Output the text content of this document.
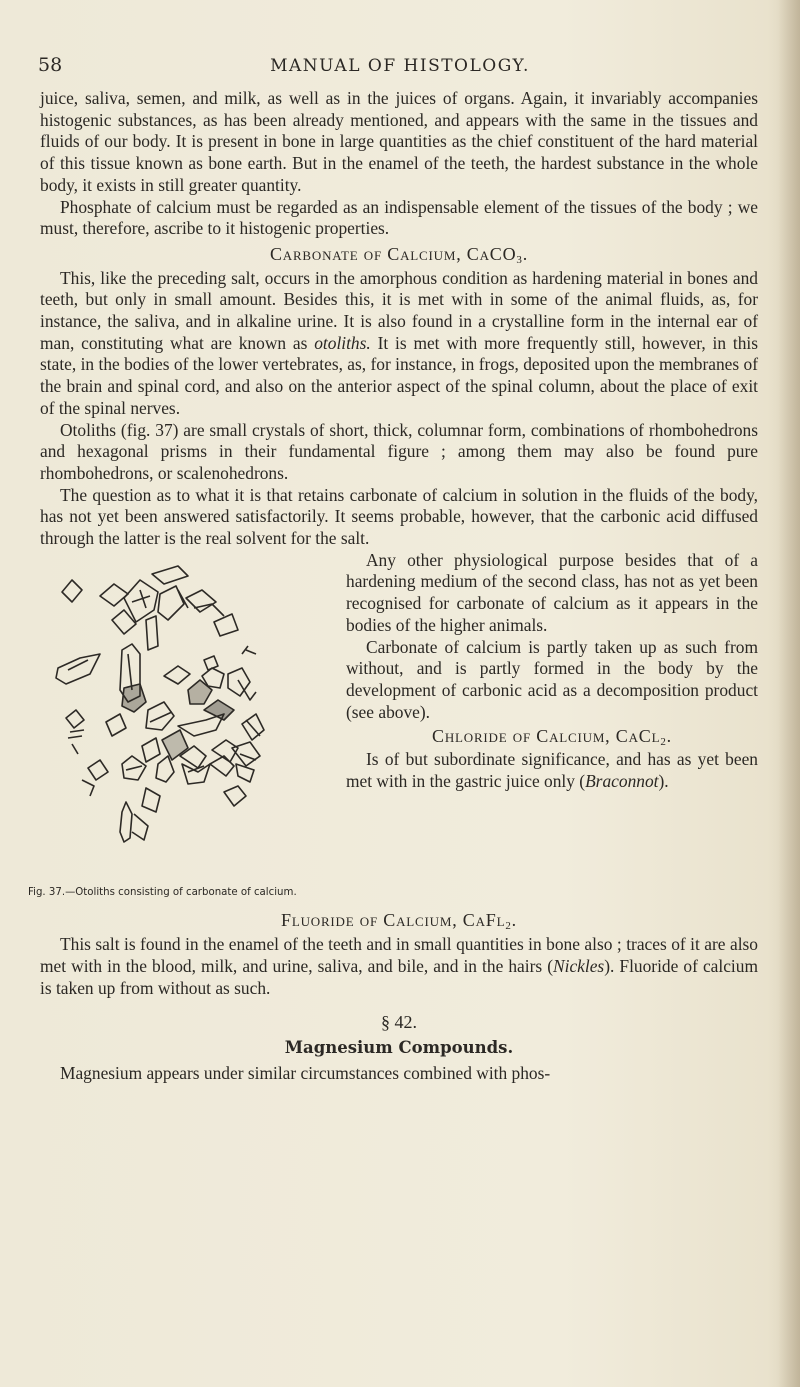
58	MANUAL OF HISTOLOGY.

juice, saliva, semen, and milk, as well as in the juices of organs. Again, it invariably accompanies histogenic substances, as has been already mentioned, and appears with the same in the tissues and fluids of our body. It is present in bone in large quantities as the chief constituent of the hard material of this tissue known as bone earth. But in the enamel of the teeth, the hardest substance in the whole body, it exists in still greater quantity.

Phosphate of calcium must be regarded as an indispensable element of the tissues of the body ; we must, therefore, ascribe to it histogenic properties.

Carbonate of Calcium, CaCO$_3$.

This, like the preceding salt, occurs in the amorphous condition as hardening material in bones and teeth, but only in small amount. Besides this, it is met with in some of the animal fluids, as, for instance, the saliva, and in alkaline urine. It is also found in a crystalline form in the internal ear of man, constituting what are known as otoliths. It is met with more frequently still, however, in this state, in the bodies of the lower vertebrates, as, for instance, in frogs, deposited upon the membranes of the brain and spinal cord, and also on the anterior aspect of the spinal column, about the place of exit of the spinal nerves.

Otoliths (fig. 37) are small crystals of short, thick, columnar form, combinations of rhombohedrons and hexagonal prisms in their fundamental figure ; among them may also be found pure rhombohedrons, or scalenohedrons.

The question as to what it is that retains carbonate of calcium in solution in the fluids of the body, has not yet been answered satisfactorily. It seems probable, however, that the carbonic acid diffused through the latter is the real solvent for the salt.

Fig. 37.—Otoliths consisting of carbonate of calcium.

Any other physiological purpose besides that of a hardening medium of the second class, has not as yet been recognised for carbonate of calcium as it appears in the bodies of the higher animals.

Carbonate of calcium is partly taken up as such from without, and is partly formed in the body by the development of carbonic acid as a decomposition product (see above).

Chloride of Calcium, CaCl$_2$.

Is of but subordinate significance, and has as yet been met with in the gastric juice only (Braconnot).

Fluoride of Calcium, CaFl$_2$.

This salt is found in the enamel of the teeth and in small quantities in bone also ; traces of it are also met with in the blood, milk, and urine, saliva, and bile, and in the hairs (Nickles). Fluoride of calcium is taken up from without as such.

§ 42.
Magnesium Compounds.

Magnesium appears under similar circumstances combined with phos-
